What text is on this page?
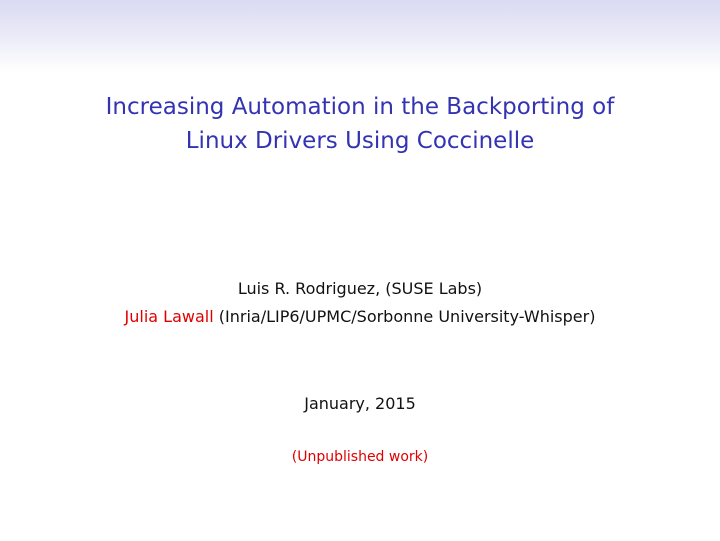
Increasing Automation in the Backporting of
Linux Drivers Using Coccinelle
Luis R. Rodriguez, (SUSE Labs)
Julia Lawall (Inria/LIP6/UPMC/Sorbonne University-Whisper)
January, 2015
(Unpublished work)
